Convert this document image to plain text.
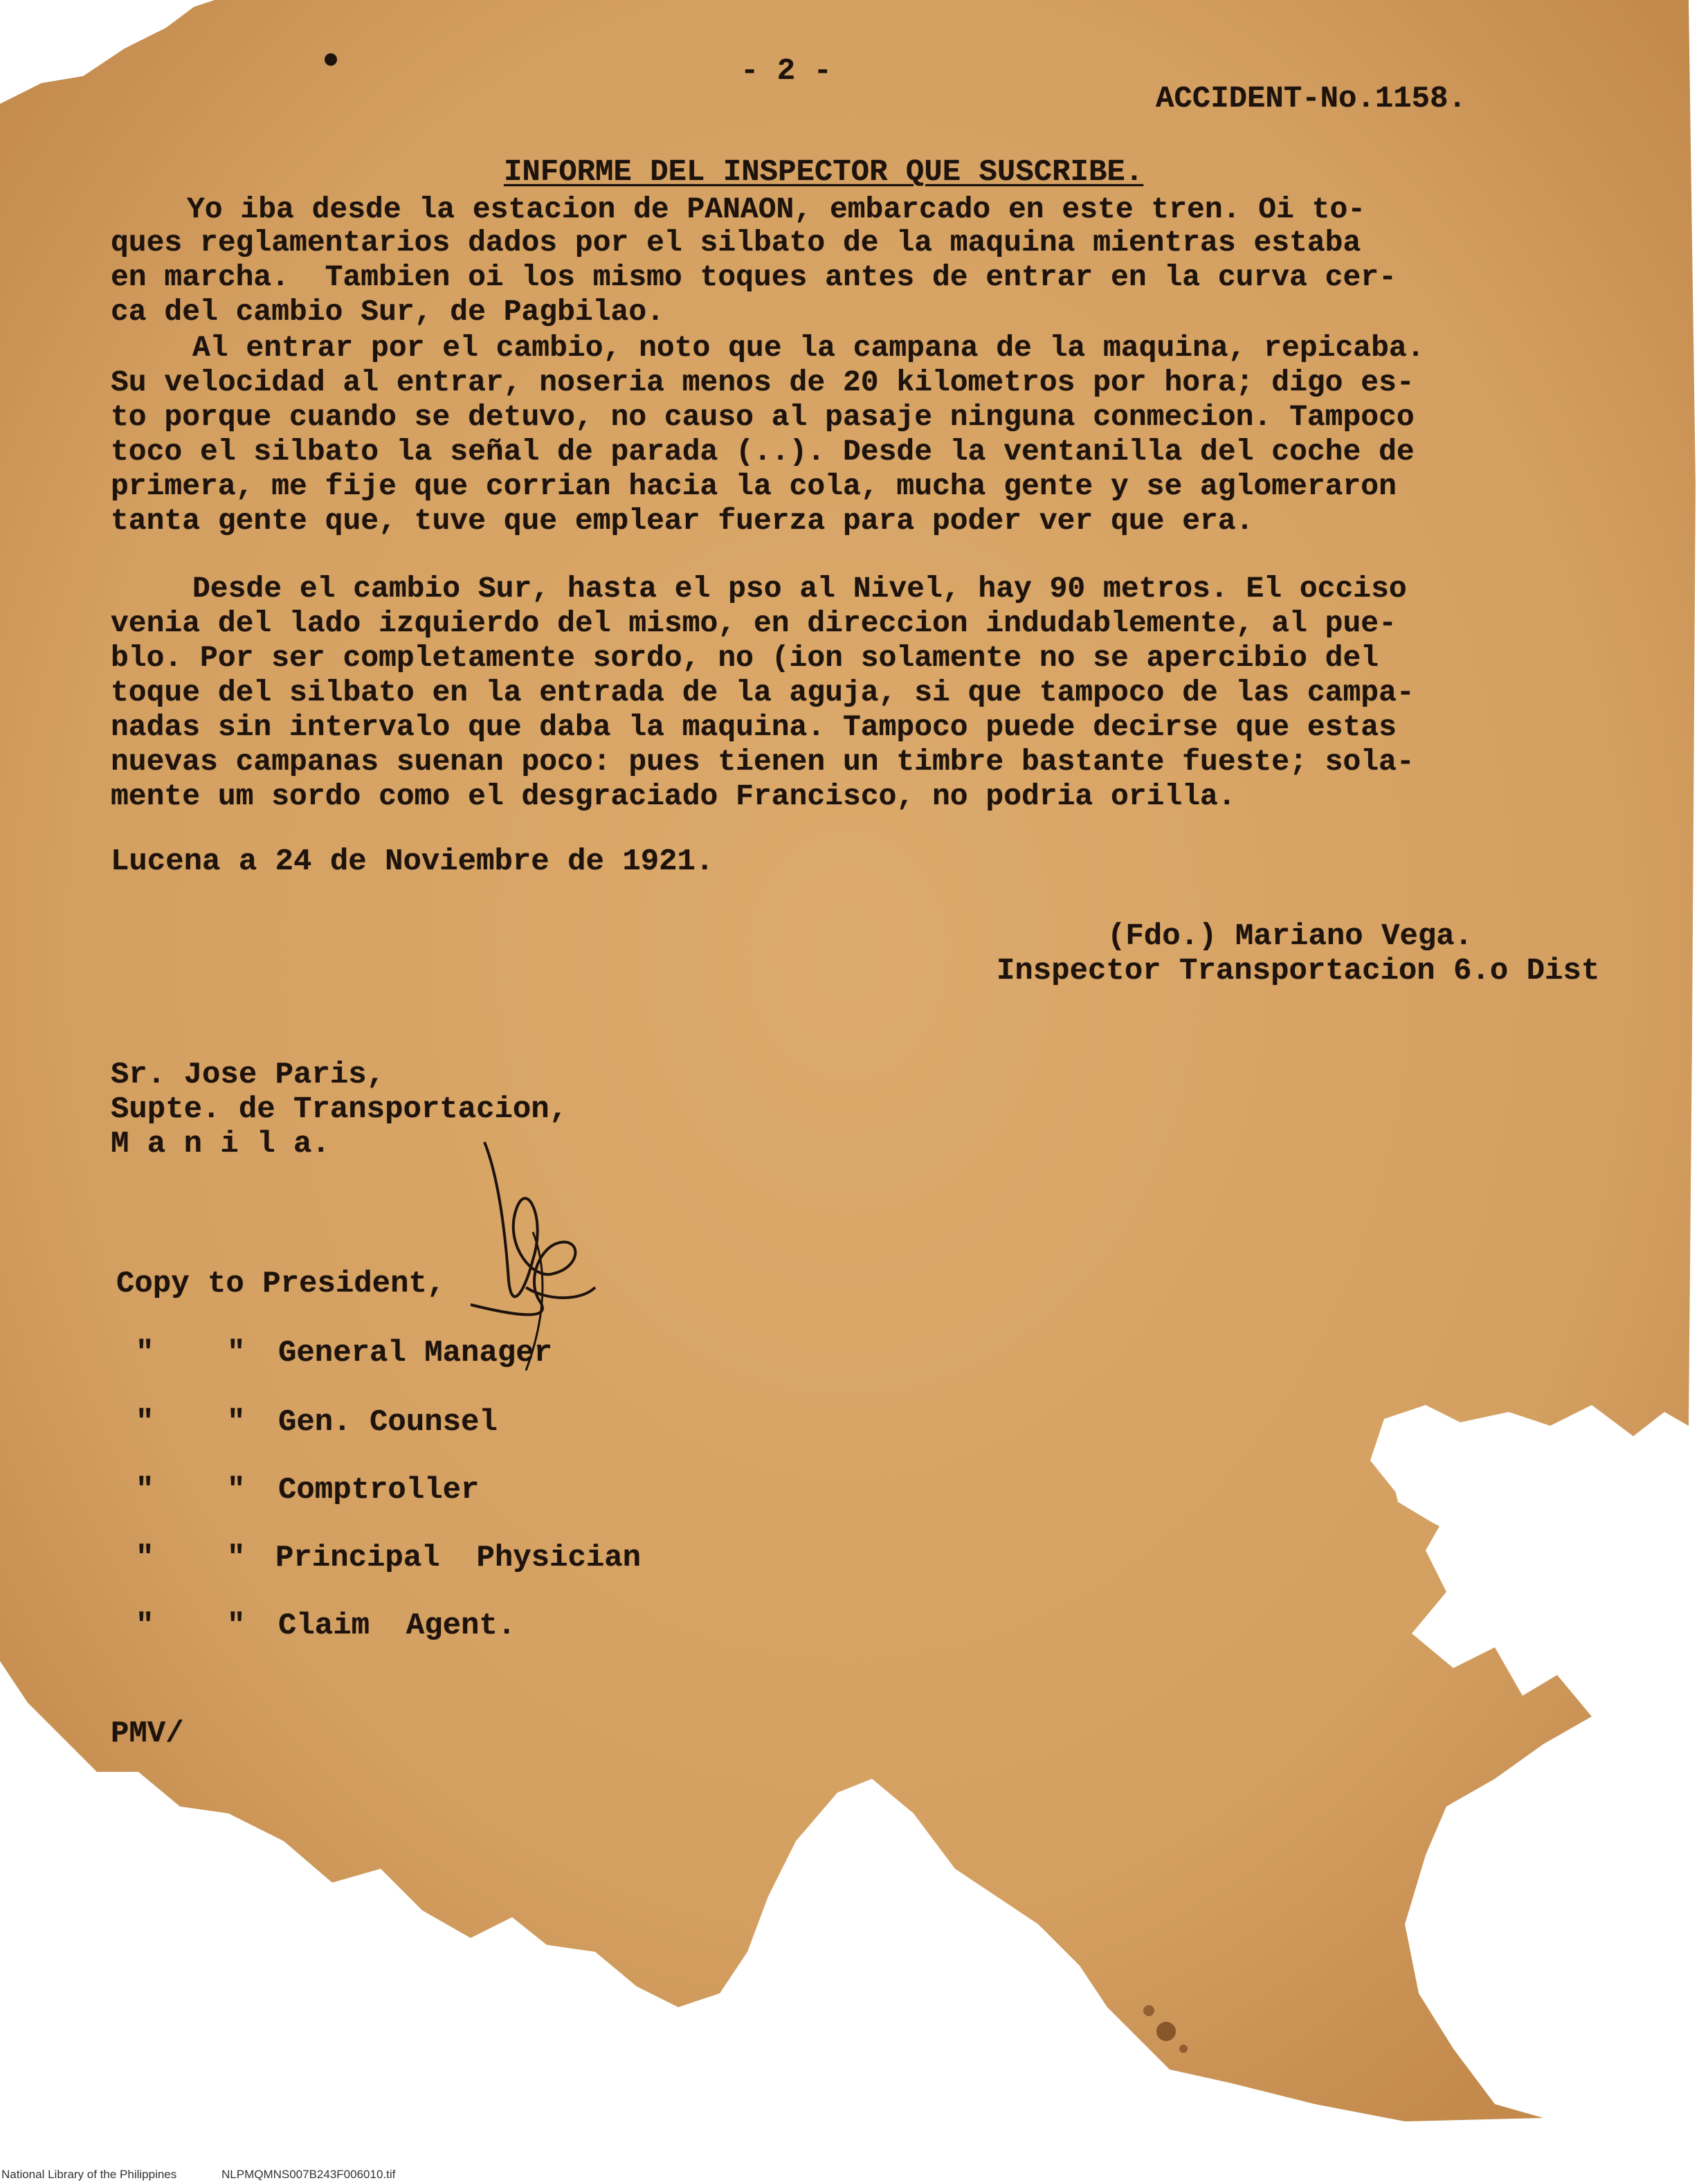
- 2 -
ACCIDENT-No.1158.
INFORME DEL INSPECTOR QUE SUSCRIBE.
Yo iba desde la estacion de PANAON, embarcado en este tren. Oi to-
ques reglamentarios dados por el silbato de la maquina mientras estaba
en marcha.  Tambien oi los mismo toques antes de entrar en la curva cer-
ca del cambio Sur, de Pagbilao.
Al entrar por el cambio, noto que la campana de la maquina, repicaba.
Su velocidad al entrar, noseria menos de 20 kilometros por hora; digo es-
to porque cuando se detuvo, no causo al pasaje ninguna conmecion. Tampoco
toco el silbato la señal de parada (..). Desde la ventanilla del coche de
primera, me fije que corrian hacia la cola, mucha gente y se aglomeraron
tanta gente que, tuve que emplear fuerza para poder ver que era.
Desde el cambio Sur, hasta el pso al Nivel, hay 90 metros. El occiso
venia del lado izquierdo del mismo, en direccion indudablemente, al pue-
blo. Por ser completamente sordo, no (ion solamente no se apercibio del
toque del silbato en la entrada de la aguja, si que tampoco de las campa-
nadas sin intervalo que daba la maquina. Tampoco puede decirse que estas
nuevas campanas suenan poco: pues tienen un timbre bastante fueste; sola-
mente um sordo como el desgraciado Francisco, no podria orilla.
Lucena a 24 de Noviembre de 1921.
(Fdo.) Mariano Vega.
Inspector Transportacion 6.o Dist
Sr. Jose Paris,
Supte. de Transportacion,
M a n i l a.
Copy to President,
"    " General Manager
"    " Gen. Counsel
"    " Comptroller
"    " Principal  Physician
"    " Claim  Agent.
PMV/
National Library of the Philippines	NLPMQMNS007B243F006010.tif
